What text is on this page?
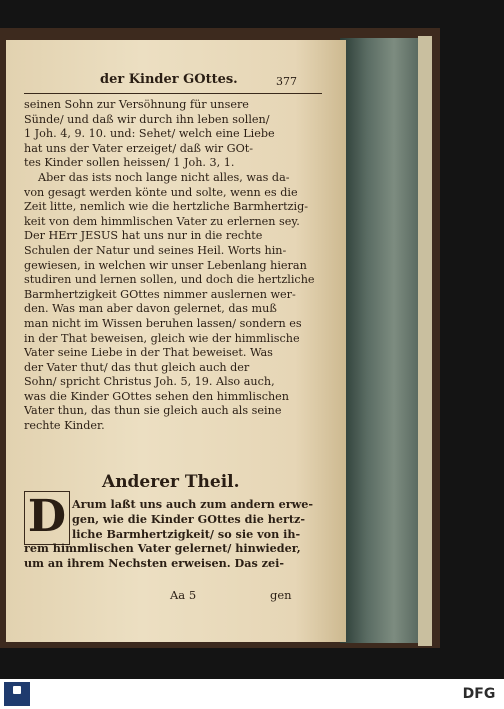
der Kinder GOttes.	377
seinen Sohn zur Versöhnung für unsere
Sünde/ und daß wir durch ihn leben sollen/
1 Joh. 4, 9. 10. und: Sehet/ welch eine Liebe
hat uns der Vater erzeiget/ daß wir GOt-
tes Kinder sollen heissen/ 1 Joh. 3, 1.
Aber das ists noch lange nicht alles, was da-
von gesagt werden könte und solte, wenn es die
Zeit litte, nemlich wie die hertzliche Barmhertzig-
keit von dem himmlischen Vater zu erlernen sey.
Der HErr JESUS hat uns nur in die rechte
Schulen der Natur und seines Heil. Worts hin-
gewiesen, in welchen wir unser Lebenlang hieran
studiren und lernen sollen, und doch die hertzliche
Barmhertzigkeit GOttes nimmer auslernen wer-
den. Was man aber davon gelernet, das muß
man nicht im Wissen beruhen lassen/ sondern es
in der That beweisen, gleich wie der himmlische
Vater seine Liebe in der That beweiset. Was
der Vater thut/ das thut gleich auch der
Sohn/ spricht Christus Joh. 5, 19. Also auch,
was die Kinder GOttes sehen den himmlischen
Vater thun, das thun sie gleich auch als seine
rechte Kinder.
Anderer Theil.
D Arum laßt uns auch zum andern erwe-
gen, wie die Kinder GOttes die hertz-
liche Barmhertzigkeit/ so sie von ih-
rem himmlischen Vater gelernet/ hinwieder,
um an ihrem Nechsten erweisen. Das zei-
Aa 5	gen
DFG
